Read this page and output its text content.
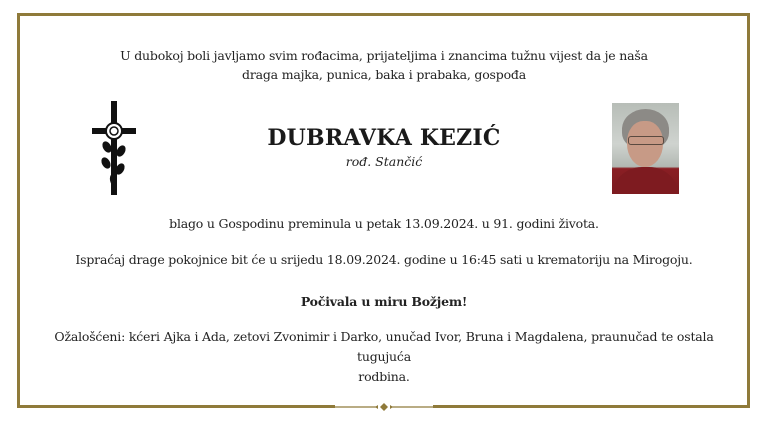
U dubokoj boli javljamo svim rođacima, prijateljima i znancima tužnu vijest da je naša
draga majka, punica, baka i prabaka, gospođa
DUBRAVKA KEZIĆ
rođ. Stančić
blago u Gospodinu preminula u petak 13.09.2024. u 91. godini života.
Ispraćaj drage pokojnice bit će u srijedu 18.09.2024. godine u 16:45 sati u krematoriju na Mirogoju.
Počivala u miru Božjem!
Ožalošćeni: kćeri Ajka i Ada, zetovi Zvonimir i Darko, unučad Ivor, Bruna i Magdalena, praunučad te ostala tugujuća
rodbina.
